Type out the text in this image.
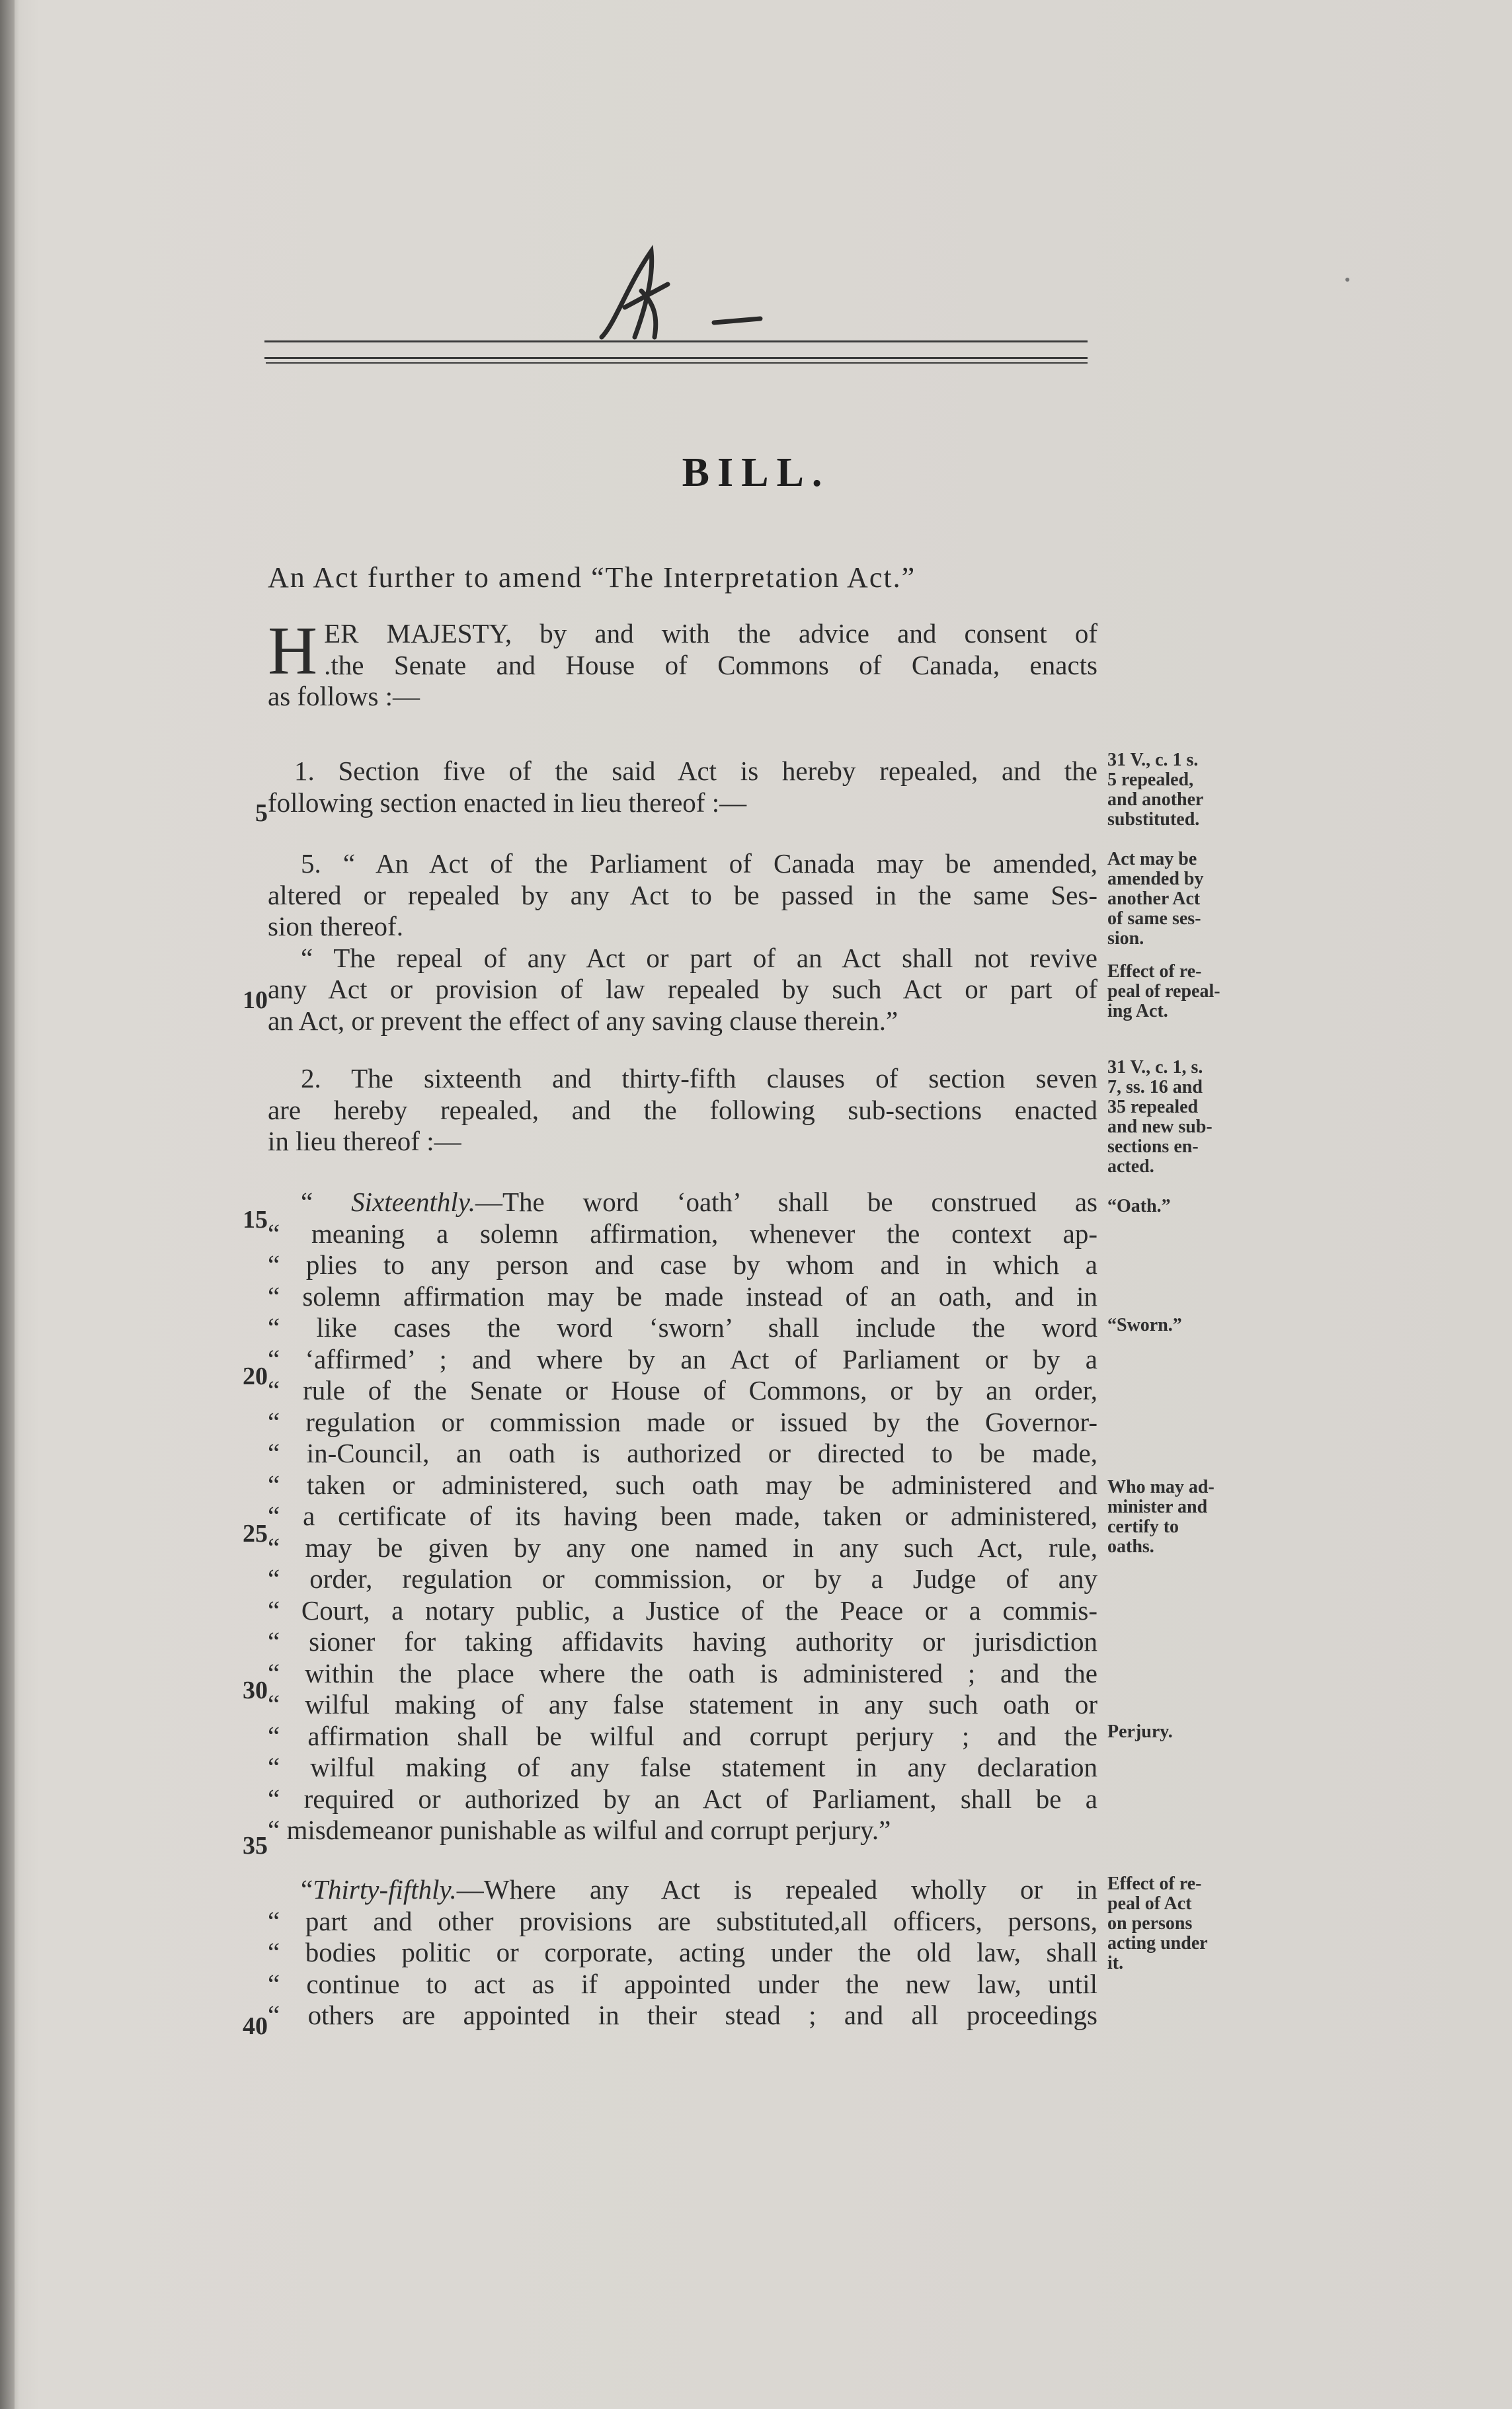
BILL.
An Act further to amend “The Interpretation Act.”
H ER MAJESTY, by and with the advice and consent of
.the Senate and House of Commons of Canada, enacts
as follows :—
1. Section five of the said Act is hereby repealed, and the
following section enacted in lieu thereof :—
5. “ An Act of the Parliament of Canada may be amended,
altered or repealed by any Act to be passed in the same Ses-
sion thereof.
“ The repeal of any Act or part of an Act shall not revive
any Act or provision of law repealed by such Act or part of
an Act, or prevent the effect of any saving clause therein.”
2. The sixteenth and thirty-fifth clauses of section seven
are hereby repealed, and the following sub-sections enacted
in lieu thereof :—
“ Sixteenthly.—The word ‘oath’ shall be construed as
“ meaning a solemn affirmation, whenever the context ap-
“ plies to any person and case by whom and in which a
“ solemn affirmation may be made instead of an oath, and in
“ like cases the word ‘sworn’ shall include the word
“ ‘affirmed’ ; and where by an Act of Parliament or by a
“ rule of the Senate or House of Commons, or by an order,
“ regulation or commission made or issued by the Governor-
“ in-Council, an oath is authorized or directed to be made,
“ taken or administered, such oath may be administered and
“ a certificate of its having been made, taken or administered,
“ may be given by any one named in any such Act, rule,
“ order, regulation or commission, or by a Judge of any
“ Court, a notary public, a Justice of the Peace or a commis-
“ sioner for taking affidavits having authority or jurisdiction
“ within the place where the oath is administered ; and the
“ wilful making of any false statement in any such oath or
“ affirmation shall be wilful and corrupt perjury ; and the
“ wilful making of any false statement in any declaration
“ required or authorized by an Act of Parliament, shall be a
“ misdemeanor punishable as wilful and corrupt perjury.”
“Thirty-fifthly.—Where any Act is repealed wholly or in
“ part and other provisions are substituted,all officers, persons,
“ bodies politic or corporate, acting under the old law, shall
“ continue to act as if appointed under the new law, until
“ others are appointed in their stead ; and all proceedings
5
10
15
20
25
30
35
40
31 V., c. 1 s.
5 repealed,
and another
substituted.
Act may be
amended by
another Act
of same ses-
sion.
Effect of re-
peal of repeal-
ing Act.
31 V., c. 1, s.
7, ss. 16 and
35 repealed
and new sub-
sections en-
acted.
“Oath.”
“Sworn.”
Who may ad-
minister and
certify to
oaths.
Perjury.
Effect of re-
peal of Act
on persons
acting under
it.
